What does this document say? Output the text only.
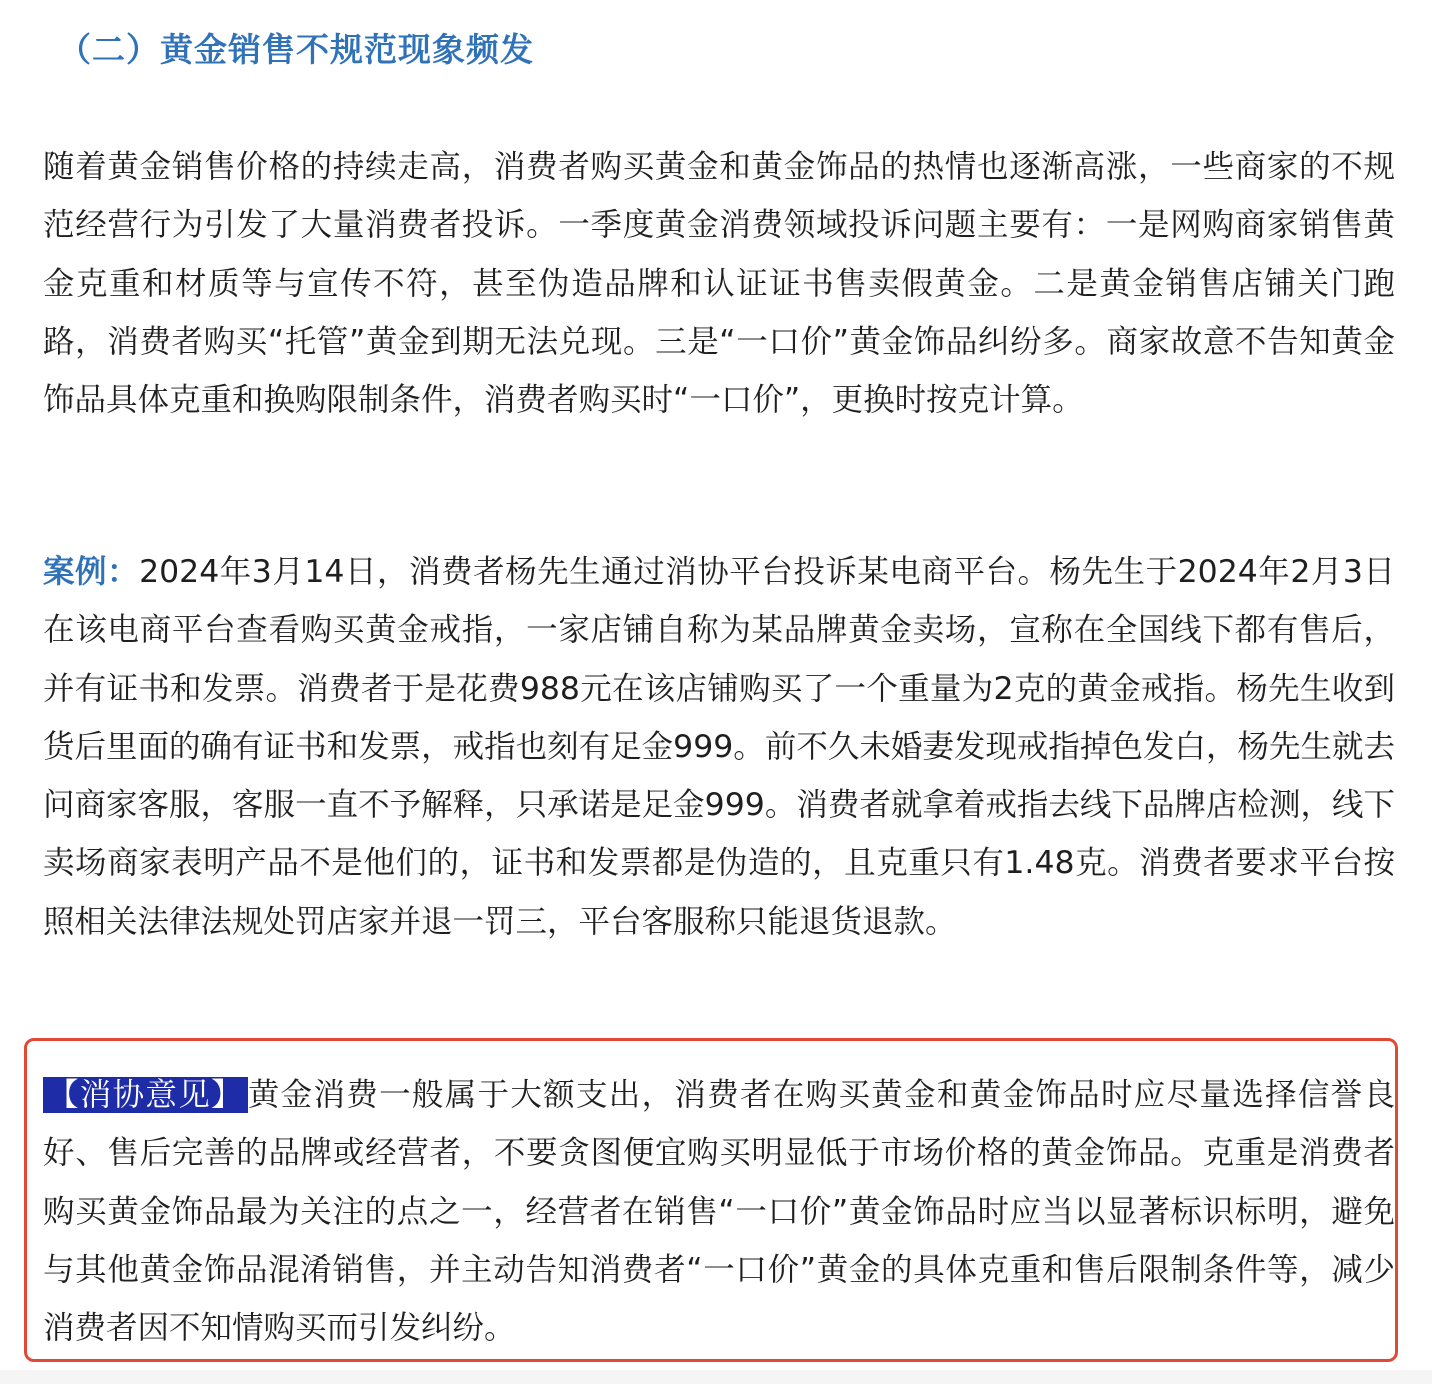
（二）黄金销售不规范现象频发
随着黄金销售价格的持续走高，消费者购买黄金和黄金饰品的热情也逐渐高涨，一些商家的不规范经营行为引发了大量消费者投诉。一季度黄金消费领域投诉问题主要有：一是网购商家销售黄金克重和材质等与宣传不符，甚至伪造品牌和认证证书售卖假黄金。二是黄金销售店铺关门跑路，消费者购买“托管”黄金到期无法兑现。三是“一口价”黄金饰品纠纷多。商家故意不告知黄金饰品具体克重和换购限制条件，消费者购买时“一口价”，更换时按克计算。
案例：2024年3月14日，消费者杨先生通过消协平台投诉某电商平台。杨先生于2024年2月3日在该电商平台查看购买黄金戒指，一家店铺自称为某品牌黄金卖场，宣称在全国线下都有售后，并有证书和发票。消费者于是花费988元在该店铺购买了一个重量为2克的黄金戒指。杨先生收到货后里面的确有证书和发票，戒指也刻有足金999。前不久未婚妻发现戒指掉色发白，杨先生就去问商家客服，客服一直不予解释，只承诺是足金999。消费者就拿着戒指去线下品牌店检测，线下卖场商家表明产品不是他们的，证书和发票都是伪造的，且克重只有1.48克。消费者要求平台按照相关法律法规处罚店家并退一罚三，平台客服称只能退货退款。
【消协意见】 黄金消费一般属于大额支出，消费者在购买黄金和黄金饰品时应尽量选择信誉良好、售后完善的品牌或经营者，不要贪图便宜购买明显低于市场价格的黄金饰品。克重是消费者购买黄金饰品最为关注的点之一，经营者在销售“一口价”黄金饰品时应当以显著标识标明，避免与其他黄金饰品混淆销售，并主动告知消费者“一口价”黄金的具体克重和售后限制条件等，减少消费者因不知情购买而引发纠纷。
